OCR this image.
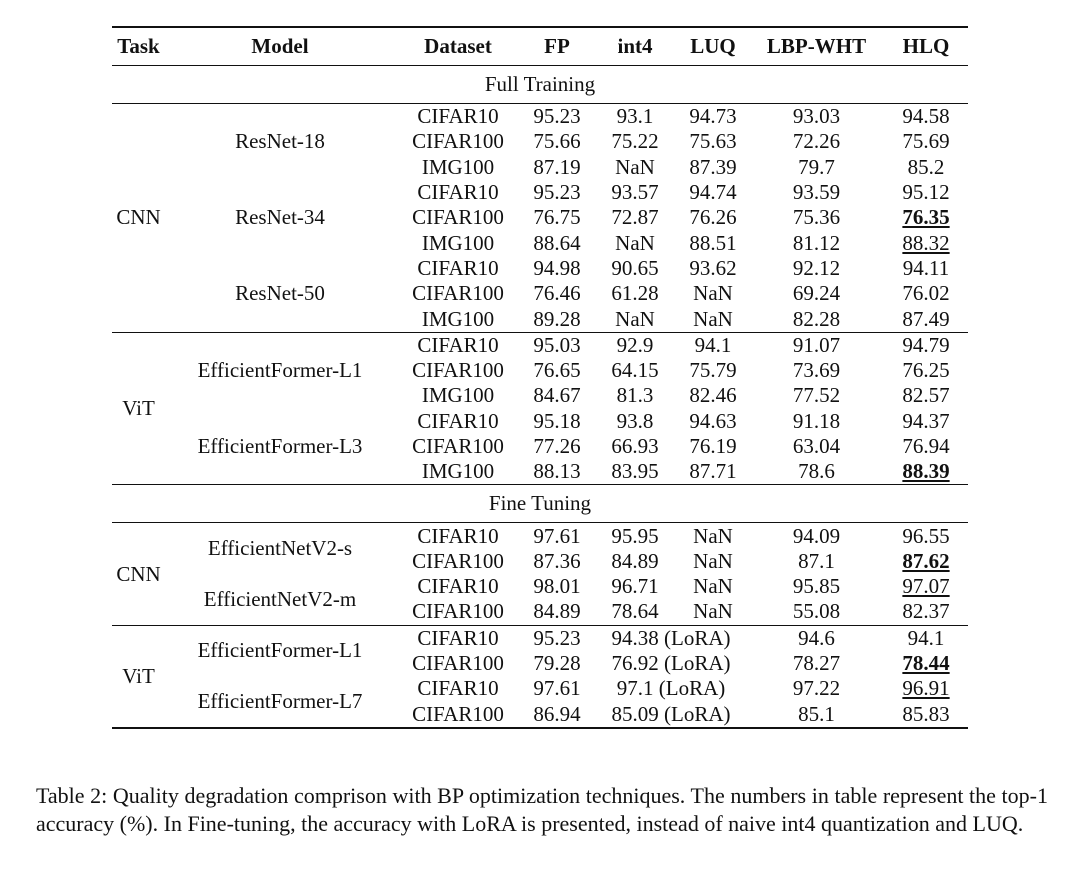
Task	Model	Dataset	FP	int4	LUQ	LBP-WHT	HLQ
Full Training							
CNN	ResNet-18	CIFAR10	95.23	93.1	94.73	93.03	94.58
		CIFAR100	75.66	75.22	75.63	72.26	75.69
		IMG100	87.19	NaN	87.39	79.7	85.2
	ResNet-34	CIFAR10	95.23	93.57	94.74	93.59	95.12
		CIFAR100	76.75	72.87	76.26	75.36	76.35
		IMG100	88.64	NaN	88.51	81.12	88.32
	ResNet-50	CIFAR10	94.98	90.65	93.62	92.12	94.11
		CIFAR100	76.46	61.28	NaN	69.24	76.02
		IMG100	89.28	NaN	NaN	82.28	87.49
ViT	EfficientFormer-L1	CIFAR10	95.03	92.9	94.1	91.07	94.79
		CIFAR100	76.65	64.15	75.79	73.69	76.25
		IMG100	84.67	81.3	82.46	77.52	82.57
	EfficientFormer-L3	CIFAR10	95.18	93.8	94.63	91.18	94.37
		CIFAR100	77.26	66.93	76.19	63.04	76.94
		IMG100	88.13	83.95	87.71	78.6	88.39
Fine Tuning							
CNN	EfficientNetV2-s	CIFAR10	97.61	95.95	NaN	94.09	96.55
		CIFAR100	87.36	84.89	NaN	87.1	87.62
	EfficientNetV2-m	CIFAR10	98.01	96.71	NaN	95.85	97.07
		CIFAR100	84.89	78.64	NaN	55.08	82.37
ViT	EfficientFormer-L1	CIFAR10	95.23	94.38 (LoRA)		94.6	94.1
		CIFAR100	79.28	76.92 (LoRA)		78.27	78.44
	EfficientFormer-L7	CIFAR10	97.61	97.1 (LoRA)		97.22	96.91
		CIFAR100	86.94	85.09 (LoRA)		85.1	85.83
Table 2: Quality degradation comprison with BP optimization techniques. The numbers in table represent the top-1 accuracy (%). In Fine-tuning, the accuracy with LoRA is presented, instead of naive int4 quantization and LUQ.
